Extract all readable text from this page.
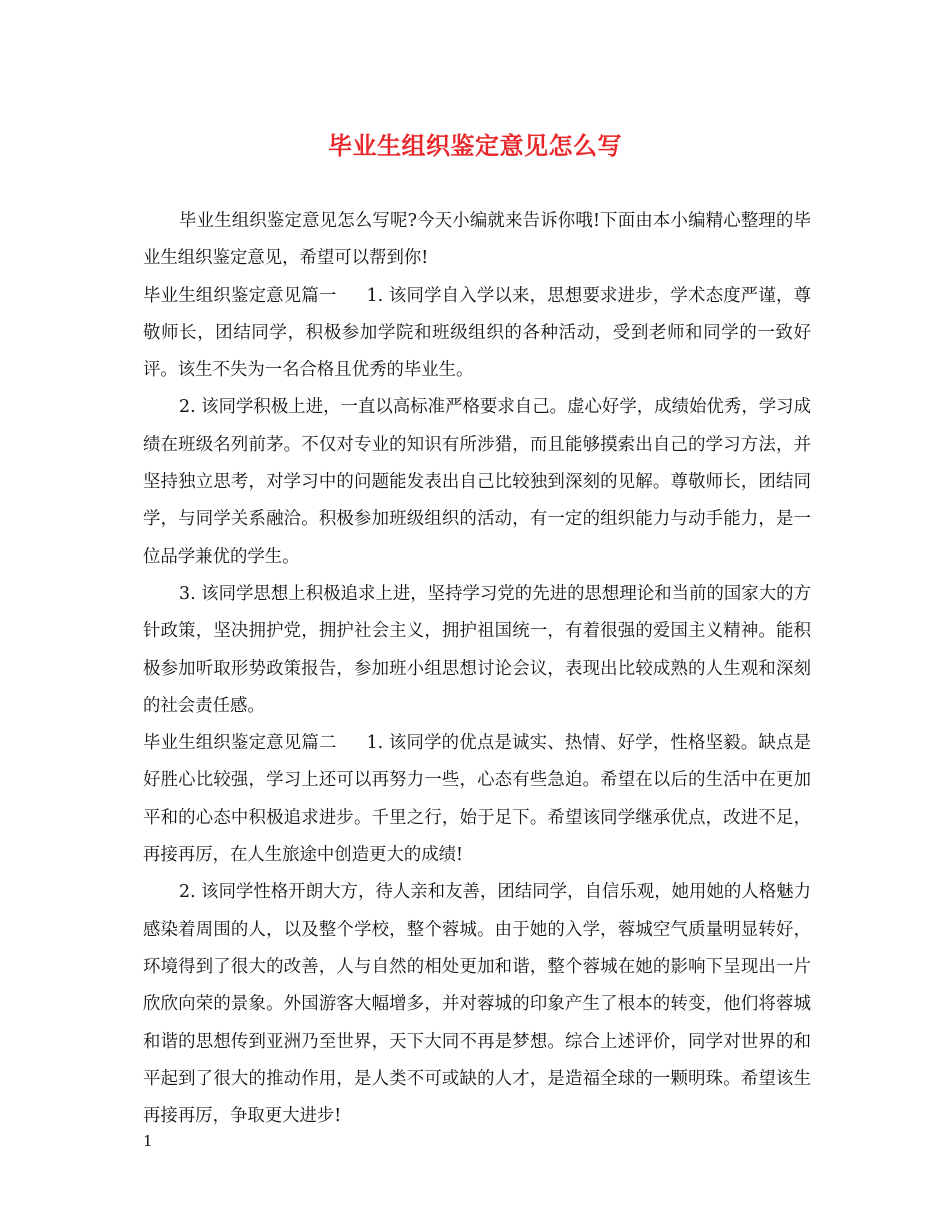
毕业生组织鉴定意见怎么写

毕业生组织鉴定意见怎么写呢?今天小编就来告诉你哦!下面由本小编精心整理的毕业生组织鉴定意见，希望可以帮到你!

毕业生组织鉴定意见篇一 1. 该同学自入学以来，思想要求进步，学术态度严谨，尊敬师长，团结同学，积极参加学院和班级组织的各种活动，受到老师和同学的一致好评。该生不失为一名合格且优秀的毕业生。

2. 该同学积极上进，一直以高标准严格要求自己。虚心好学，成绩始优秀，学习成绩在班级名列前茅。不仅对专业的知识有所涉猎，而且能够摸索出自己的学习方法，并坚持独立思考，对学习中的问题能发表出自己比较独到深刻的见解。尊敬师长，团结同学，与同学关系融洽。积极参加班级组织的活动，有一定的组织能力与动手能力，是一位品学兼优的学生。

3. 该同学思想上积极追求上进，坚持学习党的先进的思想理论和当前的国家大的方针政策，坚决拥护党，拥护社会主义，拥护祖国统一，有着很强的爱国主义精神。能积极参加听取形势政策报告，参加班小组思想讨论会议，表现出比较成熟的人生观和深刻的社会责任感。

毕业生组织鉴定意见篇二 1. 该同学的优点是诚实、热情、好学，性格坚毅。缺点是好胜心比较强，学习上还可以再努力一些，心态有些急迫。希望在以后的生活中在更加平和的心态中积极追求进步。千里之行，始于足下。希望该同学继承优点，改进不足，再接再厉，在人生旅途中创造更大的成绩!

2. 该同学性格开朗大方，待人亲和友善，团结同学，自信乐观，她用她的人格魅力感染着周围的人，以及整个学校，整个蓉城。由于她的入学，蓉城空气质量明显转好，环境得到了很大的改善，人与自然的相处更加和谐，整个蓉城在她的影响下呈现出一片欣欣向荣的景象。外国游客大幅增多，并对蓉城的印象产生了根本的转变，他们将蓉城和谐的思想传到亚洲乃至世界，天下大同不再是梦想。综合上述评价，同学对世界的和平起到了很大的推动作用，是人类不可或缺的人才，是造福全球的一颗明珠。希望该生再接再厉，争取更大进步!

1
